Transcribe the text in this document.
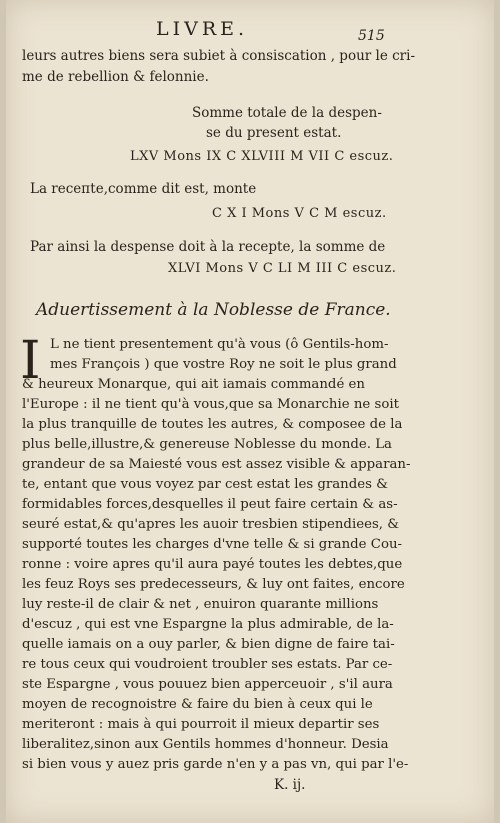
LIVRE.	515
leurs autres biens sera subiet à consiscation , pour le cri-
me de rebellion & felonnie.
Somme totale de la despen-
se du present estat.
LXV Mons IX C XLVIII M VII C escuz.
La receпte,comme dit est, monte
C X I Mons V C M escuz.
Par ainsi la despense doit à la recepte, la somme de
XLVI Mons V C LI M III C escuz.
Aduertissement à la Noblesse de France.
I L ne tient presentement qu'à vous (ô Gentils-hom-
mes François ) que vostre Roy ne soit le plus grand
& heureux Monarque, qui ait iamais commandé en
l'Europe : il ne tient qu'à vous,que sa Monarchie ne soit
la plus tranquille de toutes les autres, & composee de la
plus belle,illustre,& genereuse Noblesse du monde. La
grandeur de sa Maiesté vous est assez visible & apparan-
te, entant que vous voyez par cest estat les grandes &
formidables forces,desquelles il peut faire certain & as-
seuré estat,& qu'apres les auoir tresbien stipendiees, &
supporté toutes les charges d'vne telle & si grande Cou-
ronne : voire apres qu'il aura payé toutes les debtes,que
les feuz Roys ses predecesseurs, & luy ont faites, encore
luy reste-il de clair & net , enuiron quarante millions
d'escuz , qui est vne Espargne la plus admirable, de la-
quelle iamais on a ouy parler, & bien digne de faire tai-
re tous ceux qui voudroient troubler ses estats. Par ce-
ste Espargne , vous pouuez bien apperceuoir , s'il aura
moyen de recognoistre & faire du bien à ceux qui le
meriteront : mais à qui pourroit il mieux departir ses
liberalitez,sinon aux Gentils hommes d'honneur. Desia
si bien vous y auez pris garde n'en y a pas vn, qui par l'e-
K. ij.
